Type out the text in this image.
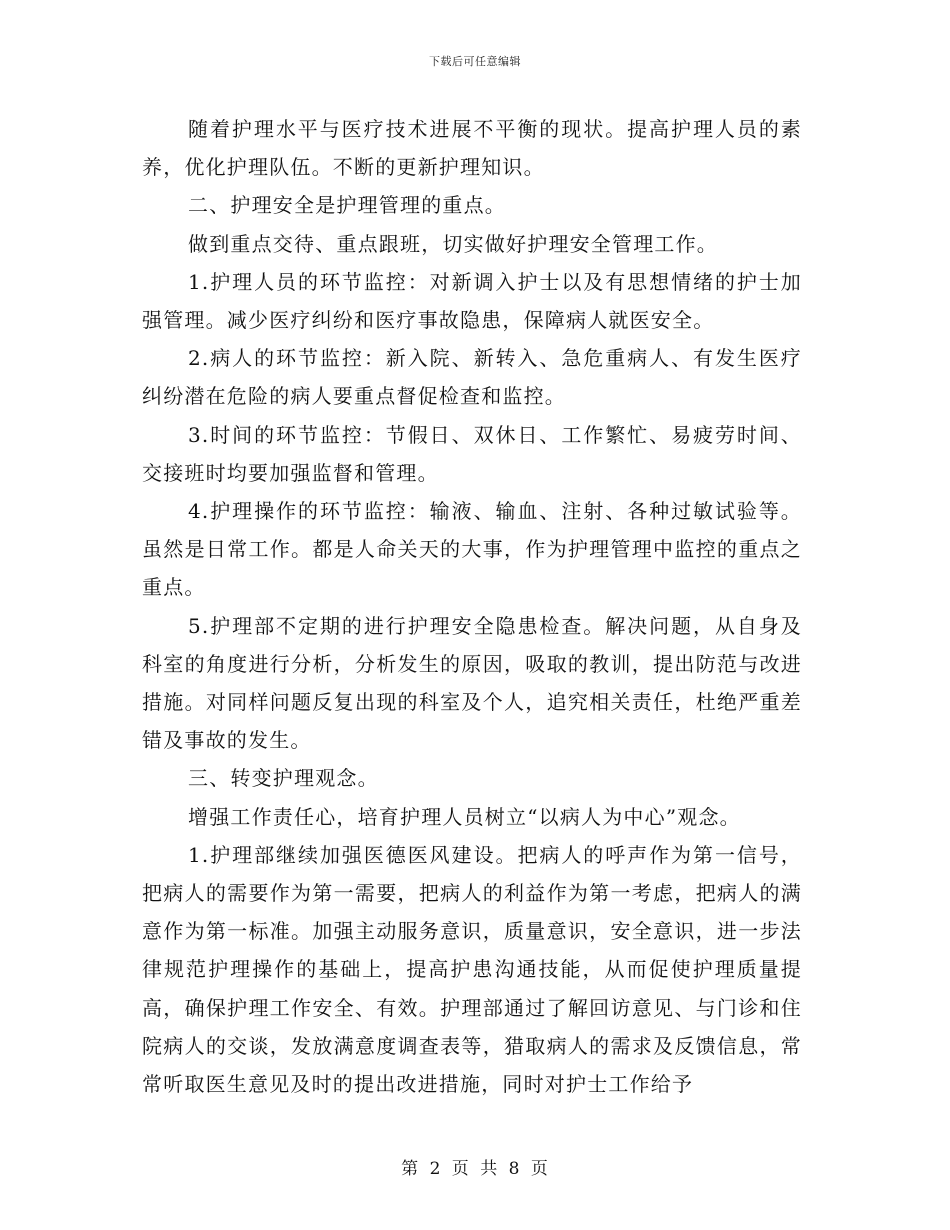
下载后可任意编辑

随着护理水平与医疗技术进展不平衡的现状。提高护理人员的素养，优化护理队伍。不断的更新护理知识。

二、护理安全是护理管理的重点。

做到重点交待、重点跟班，切实做好护理安全管理工作。

1.护理人员的环节监控：对新调入护士以及有思想情绪的护士加强管理。减少医疗纠纷和医疗事故隐患，保障病人就医安全。

2.病人的环节监控：新入院、新转入、急危重病人、有发生医疗纠纷潜在危险的病人要重点督促检查和监控。

3.时间的环节监控：节假日、双休日、工作繁忙、易疲劳时间、交接班时均要加强监督和管理。

4.护理操作的环节监控：输液、输血、注射、各种过敏试验等。虽然是日常工作。都是人命关天的大事，作为护理管理中监控的重点之重点。

5.护理部不定期的进行护理安全隐患检查。解决问题，从自身及科室的角度进行分析，分析发生的原因，吸取的教训，提出防范与改进措施。对同样问题反复出现的科室及个人，追究相关责任，杜绝严重差错及事故的发生。

三、转变护理观念。

增强工作责任心，培育护理人员树立“以病人为中心”观念。

1.护理部继续加强医德医风建设。把病人的呼声作为第一信号，把病人的需要作为第一需要，把病人的利益作为第一考虑，把病人的满意作为第一标准。加强主动服务意识，质量意识，安全意识，进一步法律规范护理操作的基础上，提高护患沟通技能，从而促使护理质量提高，确保护理工作安全、有效。护理部通过了解回访意见、与门诊和住院病人的交谈，发放满意度调查表等，猎取病人的需求及反馈信息，常常听取医生意见及时的提出改进措施，同时对护士工作给予

第 2 页 共 8 页
